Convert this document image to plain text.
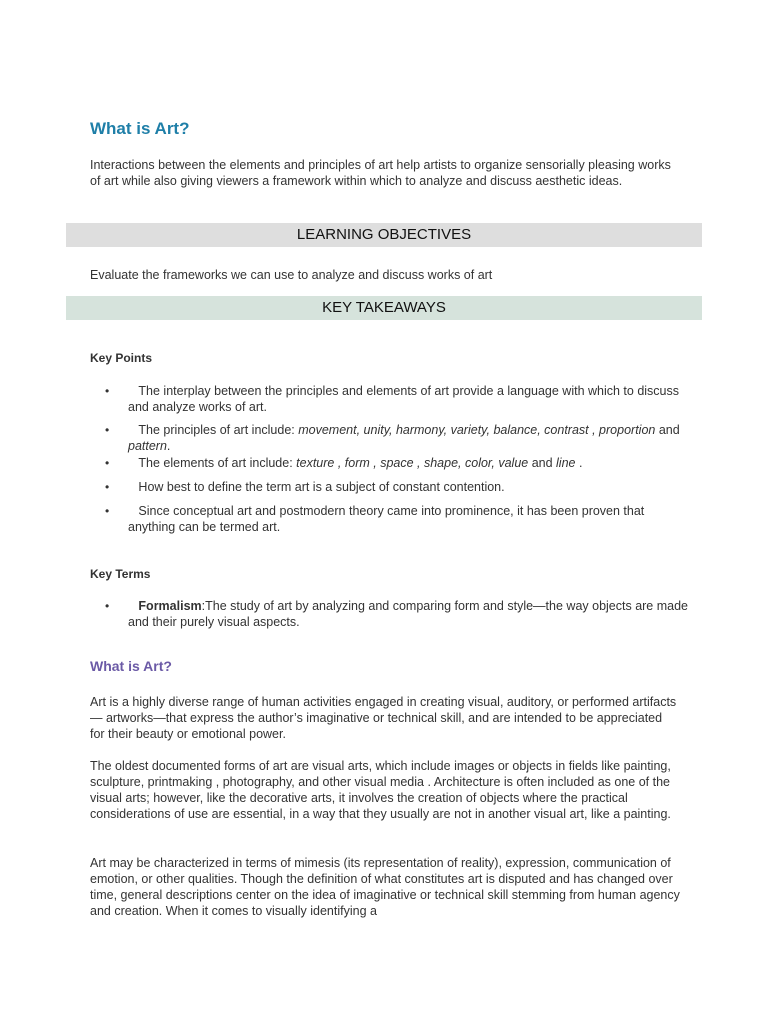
What is Art?

Interactions between the elements and principles of art help artists to organize sensorially pleasing works of art while also giving viewers a framework within which to analyze and discuss aesthetic ideas.

LEARNING OBJECTIVES

Evaluate the frameworks we can use to analyze and discuss works of art

KEY TAKEAWAYS
Key Points
• The interplay between the principles and elements of art provide a language with which to discuss and analyze works of art.
• The principles of art include: movement, unity, harmony, variety, balance, contrast , proportion and pattern.
• The elements of art include: texture , form , space , shape, color, value and line .
• How best to define the term art is a subject of constant contention.
• Since conceptual art and postmodern theory came into prominence, it has been proven that anything can be termed art.
Key Terms
• Formalism:The study of art by analyzing and comparing form and style—the way objects are made and their purely visual aspects.
What is Art?

Art is a highly diverse range of human activities engaged in creating visual, auditory, or performed artifacts— artworks—that express the author’s imaginative or technical skill, and are intended to be appreciated for their beauty or emotional power.

The oldest documented forms of art are visual arts, which include images or objects in fields like painting, sculpture, printmaking , photography, and other visual media . Architecture is often included as one of the visual arts; however, like the decorative arts, it involves the creation of objects where the practical considerations of use are essential, in a way that they usually are not in another visual art, like a painting.

Art may be characterized in terms of mimesis (its representation of reality), expression, communication of emotion, or other qualities. Though the definition of what constitutes art is disputed and has changed over time, general descriptions center on the idea of imaginative or technical skill stemming from human agency and creation. When it comes to visually identifying a
